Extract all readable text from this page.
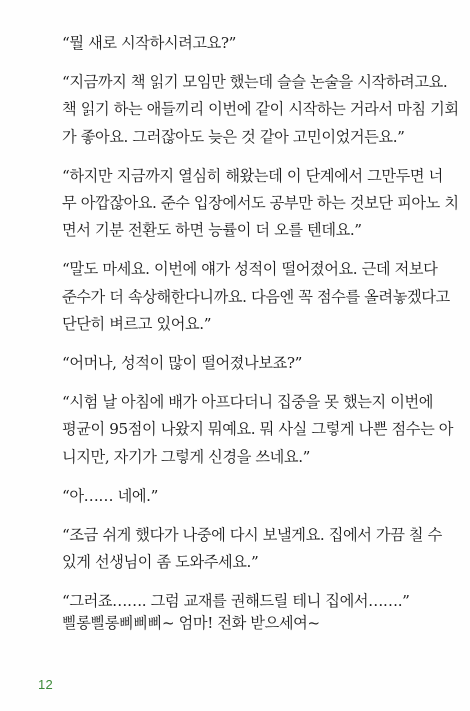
“뭘 새로 시작하시려고요?”

“지금까지 책 읽기 모임만 했는데 슬슬 논술을 시작하려고요.
책 읽기 하는 애들끼리 이번에 같이 시작하는 거라서 마침 기회
가 좋아요. 그러잖아도 늦은 것 같아 고민이었거든요.”

“하지만 지금까지 열심히 해왔는데 이 단계에서 그만두면 너
무 아깝잖아요. 준수 입장에서도 공부만 하는 것보단 피아노 치
면서 기분 전환도 하면 능률이 더 오를 텐데요.”

“말도 마세요. 이번에 얘가 성적이 떨어졌어요. 근데 저보다
준수가 더 속상해한다니까요. 다음엔 꼭 점수를 올려놓겠다고
단단히 벼르고 있어요.”

“어머나, 성적이 많이 떨어졌나보죠?”

“시험 날 아침에 배가 아프다더니 집중을 못 했는지 이번에
평균이 95점이 나왔지 뭐예요. 뭐 사실 그렇게 나쁜 점수는 아
니지만, 자기가 그렇게 신경을 쓰네요.”

“아…… 네에.”

“조금 쉬게 했다가 나중에 다시 보낼게요. 집에서 가끔 칠 수
있게 선생님이 좀 도와주세요.”

“그러죠……. 그럼 교재를 권해드릴 테니 집에서…….”

삘롱삘롱삐삐삐~ 엄마! 전화 받으세여~
12
